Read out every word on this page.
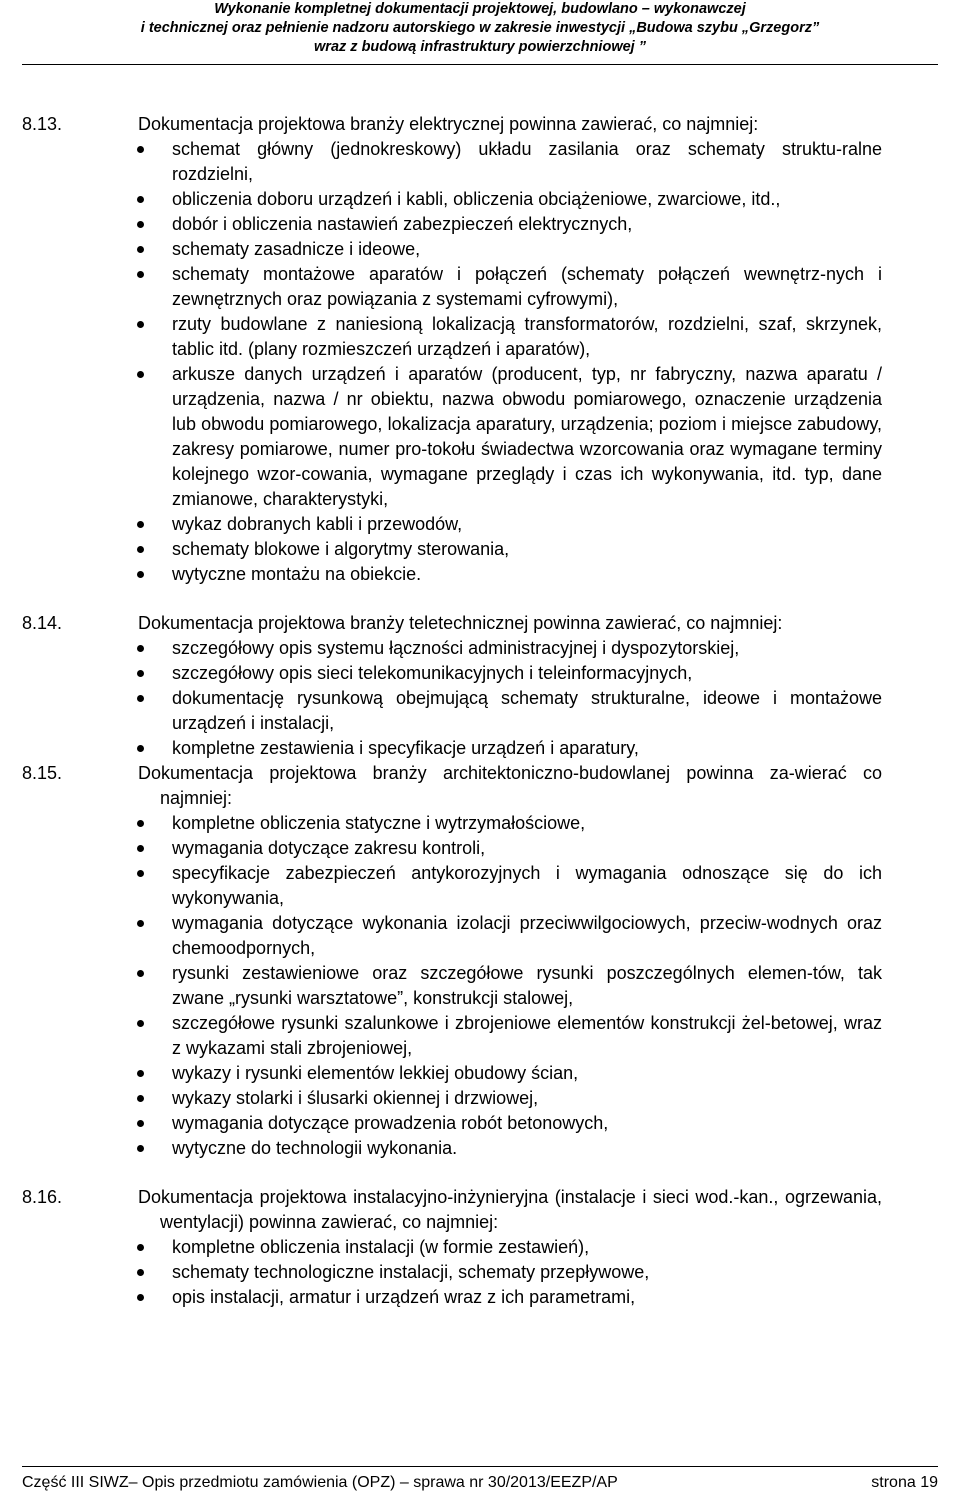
Wykonanie kompletnej dokumentacji projektowej, budowlano – wykonawczej
i technicznej oraz pełnienie nadzoru autorskiego w zakresie inwestycji „Budowa szybu „Grzegorz”
wraz z budową infrastruktury powierzchniowej ”
8.13.	Dokumentacja projektowa branży elektrycznej powinna zawierać, co najmniej:
schemat główny (jednokreskowy) układu zasilania oraz schematy struktu-ralne rozdzielni,
obliczenia doboru urządzeń i kabli, obliczenia obciążeniowe, zwarciowe, itd.,
dobór i obliczenia nastawień zabezpieczeń elektrycznych,
schematy zasadnicze i ideowe,
schematy montażowe aparatów i połączeń (schematy połączeń wewnętrz-nych i zewnętrznych oraz powiązania z systemami cyfrowymi),
rzuty budowlane z naniesioną lokalizacją transformatorów, rozdzielni, szaf, skrzynek, tablic itd. (plany rozmieszczeń urządzeń i aparatów),
arkusze danych urządzeń i aparatów (producent, typ, nr fabryczny, nazwa aparatu / urządzenia, nazwa / nr obiektu, nazwa obwodu pomiarowego, oznaczenie urządzenia lub obwodu pomiarowego, lokalizacja aparatury, urządzenia; poziom i miejsce zabudowy, zakresy pomiarowe, numer pro-tokołu świadectwa wzorcowania oraz wymagane terminy kolejnego wzor-cowania, wymagane przeglądy i czas ich wykonywania, itd. typ, dane zmianowe, charakterystyki,
wykaz dobranych kabli i przewodów,
schematy blokowe i algorytmy sterowania,
wytyczne montażu na obiekcie.
8.14.	Dokumentacja projektowa branży teletechnicznej powinna zawierać, co najmniej:
szczegółowy opis systemu łączności administracyjnej i dyspozytorskiej,
szczegółowy opis sieci telekomunikacyjnych i teleinformacyjnych,
dokumentację rysunkową obejmującą schematy strukturalne, ideowe i montażowe urządzeń i instalacji,
kompletne zestawienia i specyfikacje urządzeń i aparatury,
8.15.	Dokumentacja projektowa branży architektoniczno-budowlanej powinna za-wierać co najmniej:
kompletne obliczenia statyczne i wytrzymałościowe,
wymagania dotyczące zakresu kontroli,
specyfikacje zabezpieczeń antykorozyjnych i wymagania odnoszące się do ich wykonywania,
wymagania dotyczące wykonania izolacji przeciwwilgociowych, przeciw-wodnych oraz chemoodpornych,
rysunki zestawieniowe oraz szczegółowe rysunki poszczególnych elemen-tów, tak zwane „rysunki warsztatowe”, konstrukcji stalowej,
szczegółowe rysunki szalunkowe i zbrojeniowe elementów konstrukcji żel-betowej, wraz z wykazami stali zbrojeniowej,
wykazy i rysunki elementów lekkiej obudowy ścian,
wykazy stolarki i ślusarki okiennej i drzwiowej,
wymagania dotyczące prowadzenia robót betonowych,
wytyczne do technologii wykonania.
8.16.	Dokumentacja projektowa instalacyjno-inżynieryjna (instalacje i sieci wod.-kan., ogrzewania, wentylacji) powinna zawierać, co najmniej:
kompletne obliczenia instalacji (w formie zestawień),
schematy technologiczne instalacji, schematy przepływowe,
opis instalacji, armatur i urządzeń wraz z ich parametrami,
Część III SIWZ– Opis przedmiotu zamówienia (OPZ) – sprawa nr 30/2013/EEZP/AP	strona 19
